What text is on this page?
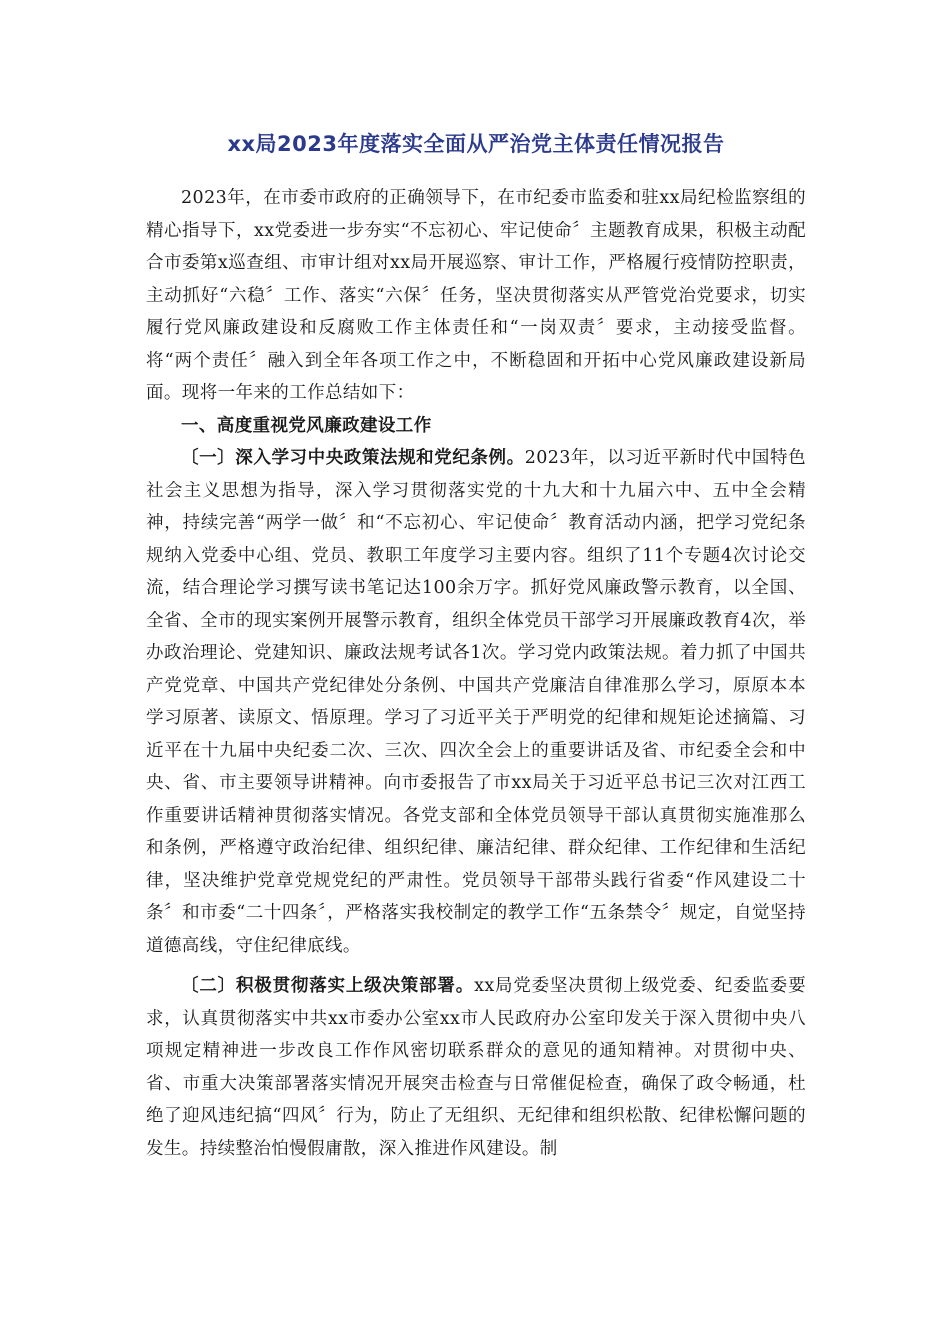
xx局2023年度落实全面从严治党主体责任情况报告

2023年，在市委市政府的正确领导下，在市纪委市监委和驻xx局纪检监察组的精心指导下，xx党委进一步夯实“不忘初心、牢记使命〞主题教育成果，积极主动配合市委第x巡查组、市审计组对xx局开展巡察、审计工作，严格履行疫情防控职责，主动抓好“六稳〞工作、落实“六保〞任务，坚决贯彻落实从严管党治党要求，切实履行党风廉政建设和反腐败工作主体责任和“一岗双责〞要求，主动接受监督。将“两个责任〞融入到全年各项工作之中，不断稳固和开拓中心党风廉政建设新局面。现将一年来的工作总结如下：

一、高度重视党风廉政建设工作

〔一〕深入学习中央政策法规和党纪条例。2023年，以习近平新时代中国特色社会主义思想为指导，深入学习贯彻落实党的十九大和十九届六中、五中全会精神，持续完善“两学一做〞和“不忘初心、牢记使命〞教育活动内涵，把学习党纪条规纳入党委中心组、党员、教职工年度学习主要内容。组织了11个专题4次讨论交流，结合理论学习撰写读书笔记达100余万字。抓好党风廉政警示教育，以全国、全省、全市的现实案例开展警示教育，组织全体党员干部学习开展廉政教育4次，举办政治理论、党建知识、廉政法规考试各1次。学习党内政策法规。着力抓了中国共产党党章、中国共产党纪律处分条例、中国共产党廉洁自律准那么学习，原原本本学习原著、读原文、悟原理。学习了习近平关于严明党的纪律和规矩论述摘篇、习近平在十九届中央纪委二次、三次、四次全会上的重要讲话及省、市纪委全会和中央、省、市主要领导讲精神。向市委报告了市xx局关于习近平总书记三次对江西工作重要讲话精神贯彻落实情况。各党支部和全体党员领导干部认真贯彻实施准那么和条例，严格遵守政治纪律、组织纪律、廉洁纪律、群众纪律、工作纪律和生活纪律，坚决维护党章党规党纪的严肃性。党员领导干部带头践行省委“作风建设二十条〞和市委“二十四条〞，严格落实我校制定的教学工作“五条禁令〞规定，自觉坚持道德高线，守住纪律底线。

〔二〕积极贯彻落实上级决策部署。xx局党委坚决贯彻上级党委、纪委监委要求，认真贯彻落实中共xx市委办公室xx市人民政府办公室印发关于深入贯彻中央八项规定精神进一步改良工作作风密切联系群众的意见的通知精神。对贯彻中央、省、市重大决策部署落实情况开展突击检查与日常催促检查，确保了政令畅通，杜绝了迎风违纪搞“四风〞行为，防止了无组织、无纪律和组织松散、纪律松懈问题的发生。持续整治怕慢假庸散，深入推进作风建设。制
